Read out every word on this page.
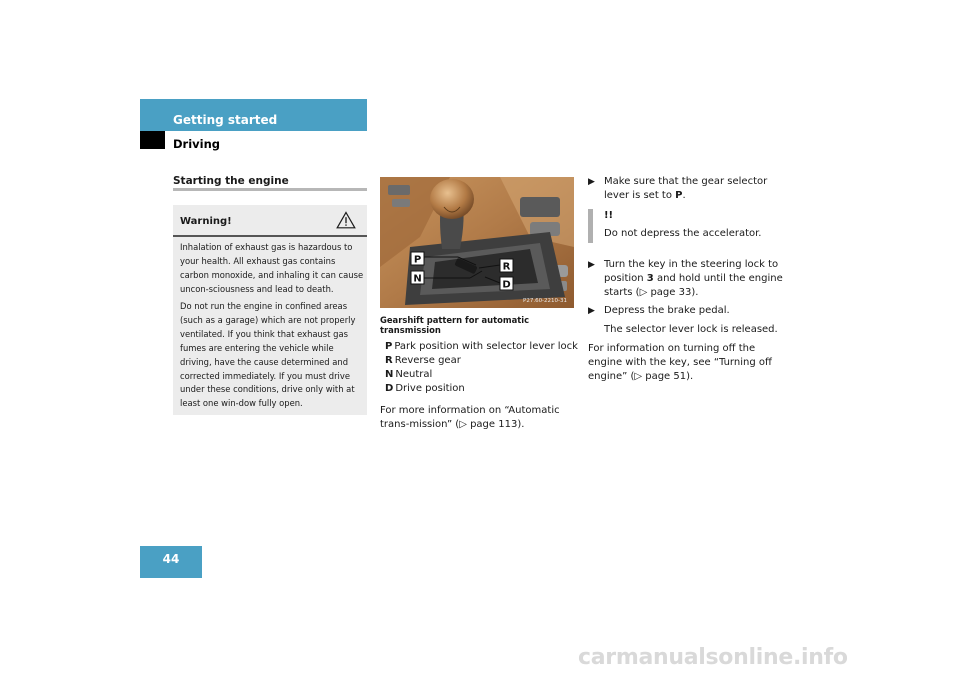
Getting started
Driving
Starting the engine
Warning!
Inhalation of exhaust gas is hazardous to your health. All exhaust gas contains carbon monoxide, and inhaling it can cause uncon-sciousness and lead to death.
Do not run the engine in confined areas (such as a garage) which are not properly ventilated. If you think that exhaust gas fumes are entering the vehicle while driving, have the cause determined and corrected immediately. If you must drive under these conditions, drive only with at least one win-dow fully open.
P
N
R
D
P27.60-2210-31
Gearshift pattern for automatic transmission
P Park position with selector lever lock
R Reverse gear
N Neutral
D Drive position
For more information on “Automatic trans-mission” (▷ page 113).
▶ Make sure that the gear selector lever is set to P.
!!
Do not depress the accelerator.
▶ Turn the key in the steering lock to position 3 and hold until the engine starts (▷ page 33).
▶ Depress the brake pedal.
The selector lever lock is released.
For information on turning off the engine with the key, see “Turning off engine” (▷ page 51).
44
carmanualsonline.info
